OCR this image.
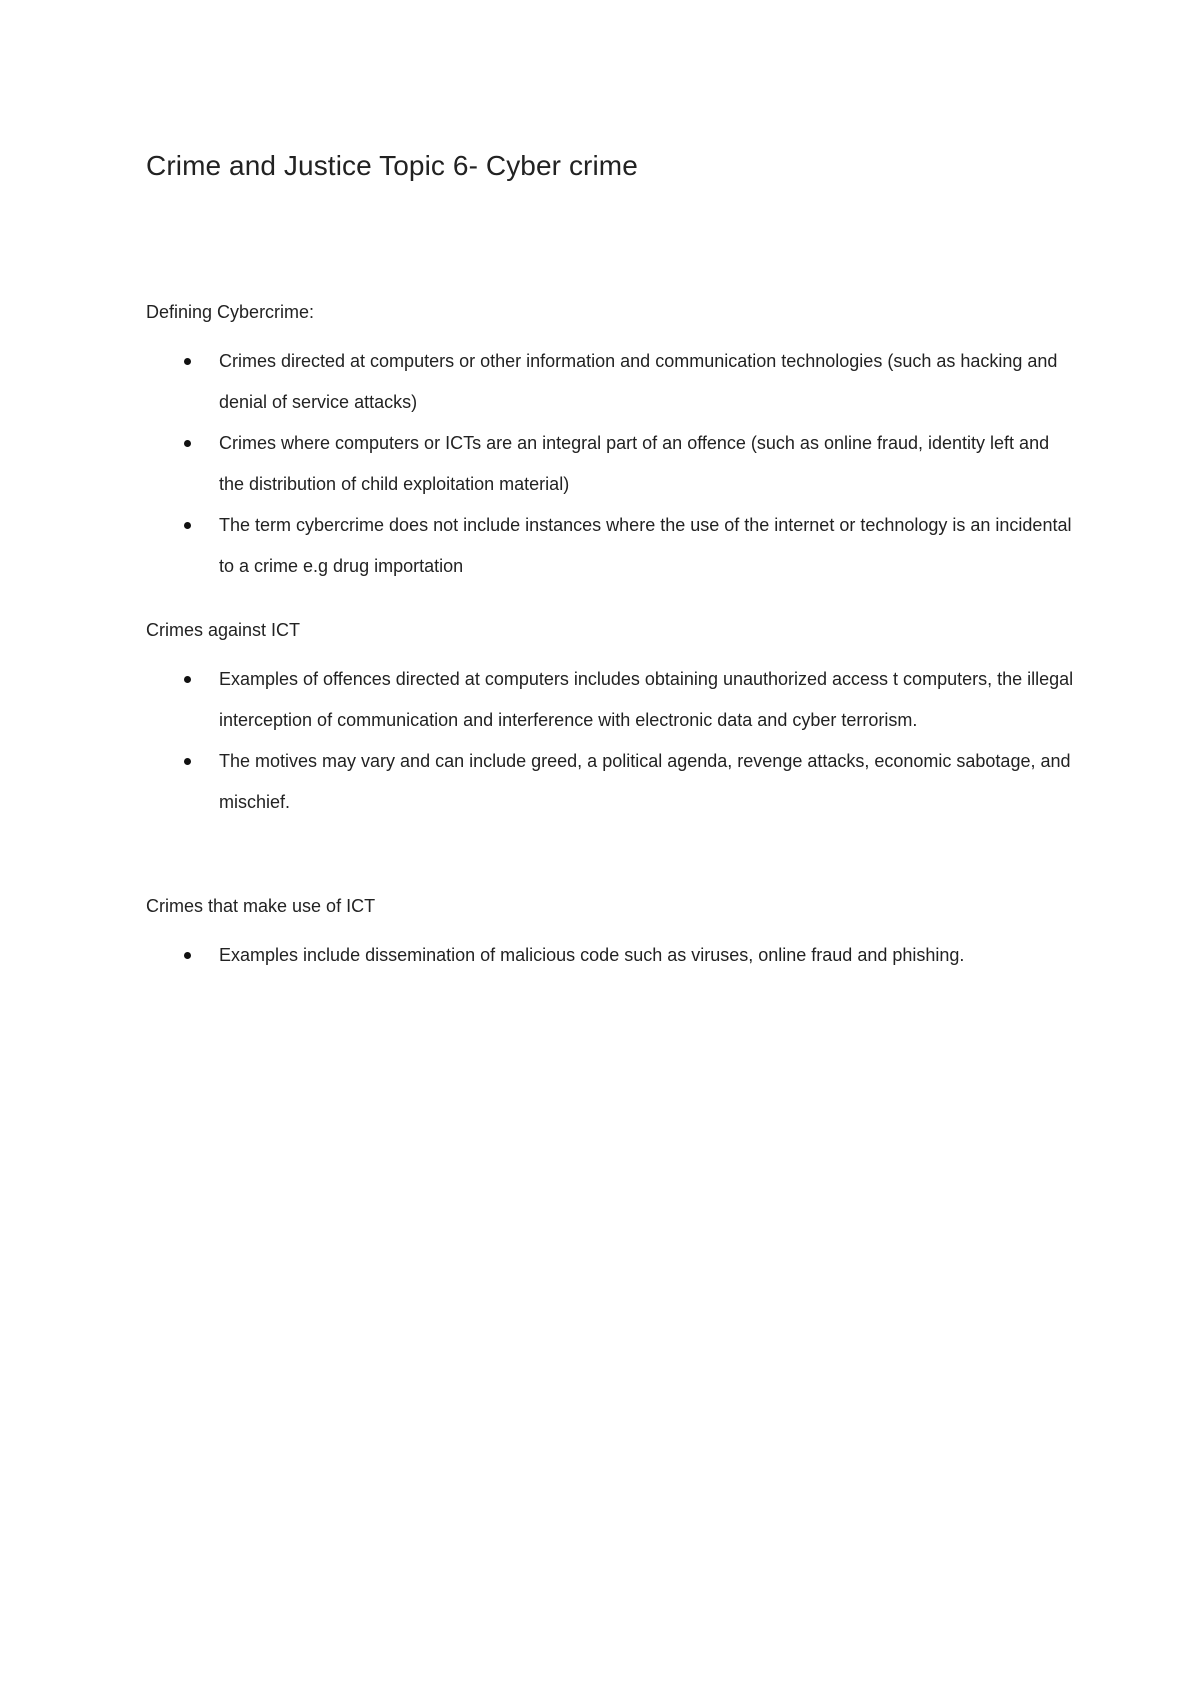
Crime and Justice Topic 6- Cyber crime

Defining Cybercrime:

Crimes directed at computers or other information and communication technologies (such as hacking and denial of service attacks)
Crimes where computers or ICTs are an integral part of an offence (such as online fraud, identity left and the distribution of child exploitation material)
The term cybercrime does not include instances where the use of the internet or technology is an incidental to a crime e.g drug importation

Crimes against ICT

Examples of offences directed at computers includes obtaining unauthorized access t computers, the illegal interception of communication and interference with electronic data and cyber terrorism.
The motives may vary and can include greed, a political agenda, revenge attacks, economic sabotage, and mischief.

Crimes that make use of ICT

Examples include dissemination of malicious code such as viruses, online fraud and phishing.
